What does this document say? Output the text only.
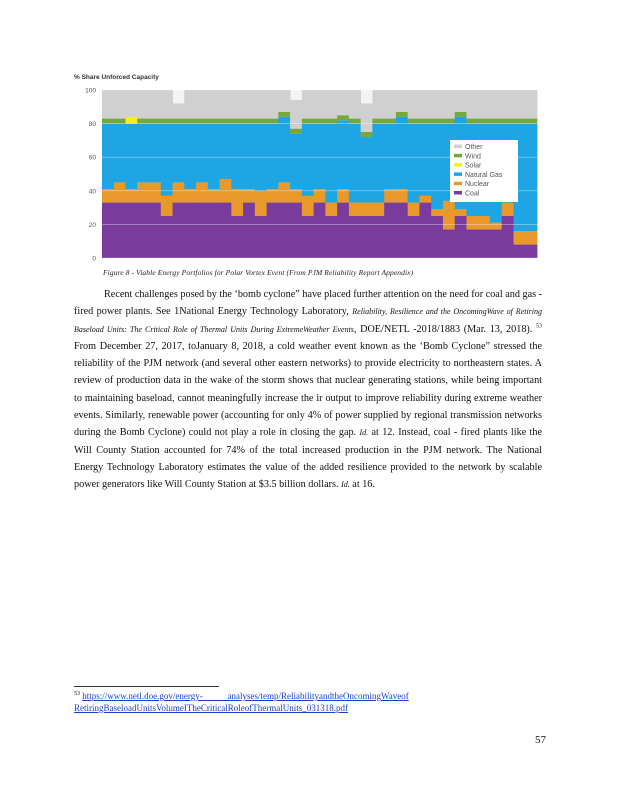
0
20
40
60
80
100
Other
Wind
Solar
Natural Gas
Nuclear
Coal
% Share Unforced Capacity
Figure 8 - Viable Energy Portfolios for Polar Vortex Event (From PJM Reliability Report Appendix)

Recent challenges posed by the ‘bomb cyclone” have placed further attention on the need for coal and gas -fired power plants. See 1National Energy Technology Laboratory, Reliability, Resilience and the OncomingWave of Retiring Baseload Units: The Critical Role of Thermal Units During ExtremeWeather Events, DOE/NETL -2018/1883 (Mar. 13, 2018). $^{53}$ From December 27, 2017, toJanuary 8, 2018, a cold weather event known as the ‘Bomb Cyclone” stressed the reliability of the PJM network (and several other eastern networks) to provide electricity to northeastern states. A review of production data in the wake of the storm shows that nuclear generating stations, while being important to maintaining baseload, cannot meaningfully increase the ir output to improve reliability during extreme weather events. Similarly, renewable power (accounting for only 4% of power supplied by regional transmission networks during the Bomb Cyclone) could not play a role in closing the gap. Id. at 12. Instead, coal - fired plants like the Will County Station accounted for 74% of the total increased production in the PJM network. The National Energy Technology Laboratory estimates the value of the added resilience provided to the network by scalable power generators like Will County Station at $3.5 billion dollars. Id. at 16.

$^{53}$ https://www.netl.doe.gov/energy-           analyses/temp/ReliabilityandtheOncomingWaveof
RetiringBaseloadUnitsVolumeITheCriticalRoleofThermalUnits_031318.pdf
57
